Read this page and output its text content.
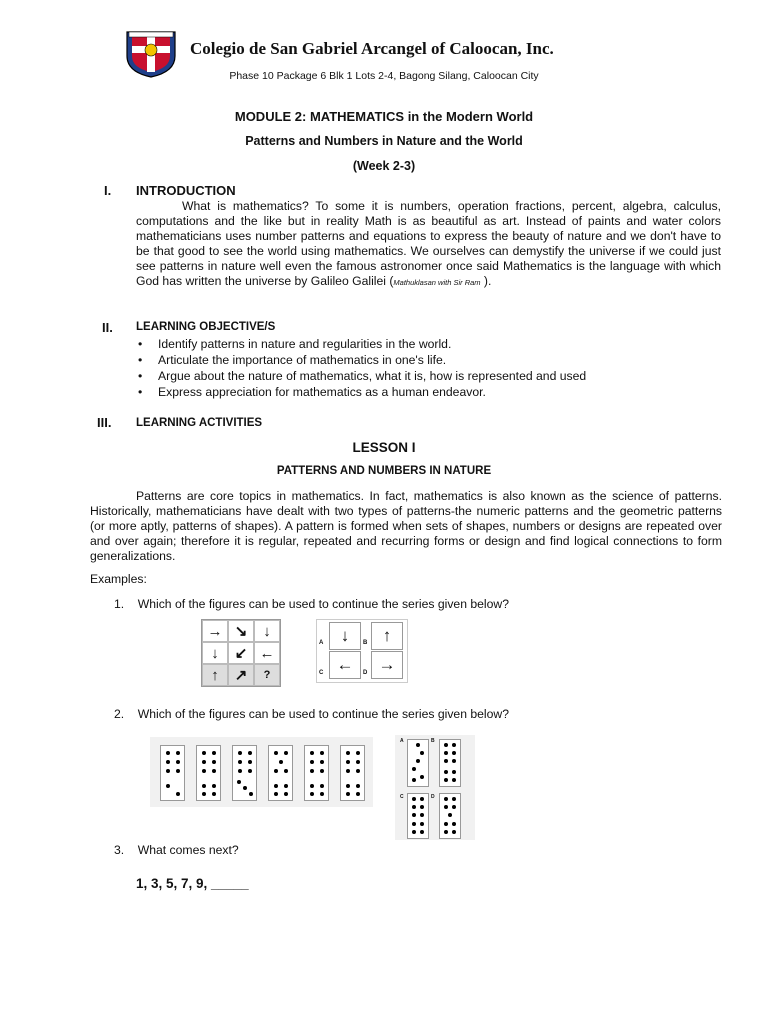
Colegio de San Gabriel Arcangel of Caloocan, Inc.
Phase 10 Package 6 Blk 1 Lots 2-4, Bagong Silang, Caloocan City
MODULE 2: MATHEMATICS in the Modern World
Patterns and Numbers in Nature and the World
(Week 2-3)
I. INTRODUCTION
What is mathematics? To some it is numbers, operation fractions, percent, algebra, calculus, computations and the like but in reality Math is as beautiful as art. Instead of paints and water colors mathematicians uses number patterns and equations to express the beauty of nature and we don't have to be that good to see the world using mathematics. We ourselves can demystify the universe if we could just see patterns in nature well even the famous astronomer once said Mathematics is the language with which God has written the universe by Galileo Galilei (Mathuklasan with Sir Ram ).
II. LEARNING OBJECTIVE/S
• Identify patterns in nature and regularities in the world.
• Articulate the importance of mathematics in one's life.
• Argue about the nature of mathematics, what it is, how is represented and used
• Express appreciation for mathematics as a human endeavor.
III. LEARNING ACTIVITIES
LESSON I
PATTERNS AND NUMBERS IN NATURE
Patterns are core topics in mathematics. In fact, mathematics is also known as the science of patterns. Historically, mathematicians have dealt with two types of patterns-the numeric patterns and the geometric patterns (or more aptly, patterns of shapes). A pattern is formed when sets of shapes, numbers or designs are repeated over and over again; therefore it is regular, repeated and recurring forms or design and find logical connections to form generalizations.
Examples:
1. Which of the figures can be used to continue the series given below?
→ ↘	↓
↓	↙ ←
↑	↗	?
A	↓	B ↑
C ←	D →
2. Which of the figures can be used to continue the series given below?
A	B
C	D
3. What comes next?
1, 3, 5, 7, 9, _____
